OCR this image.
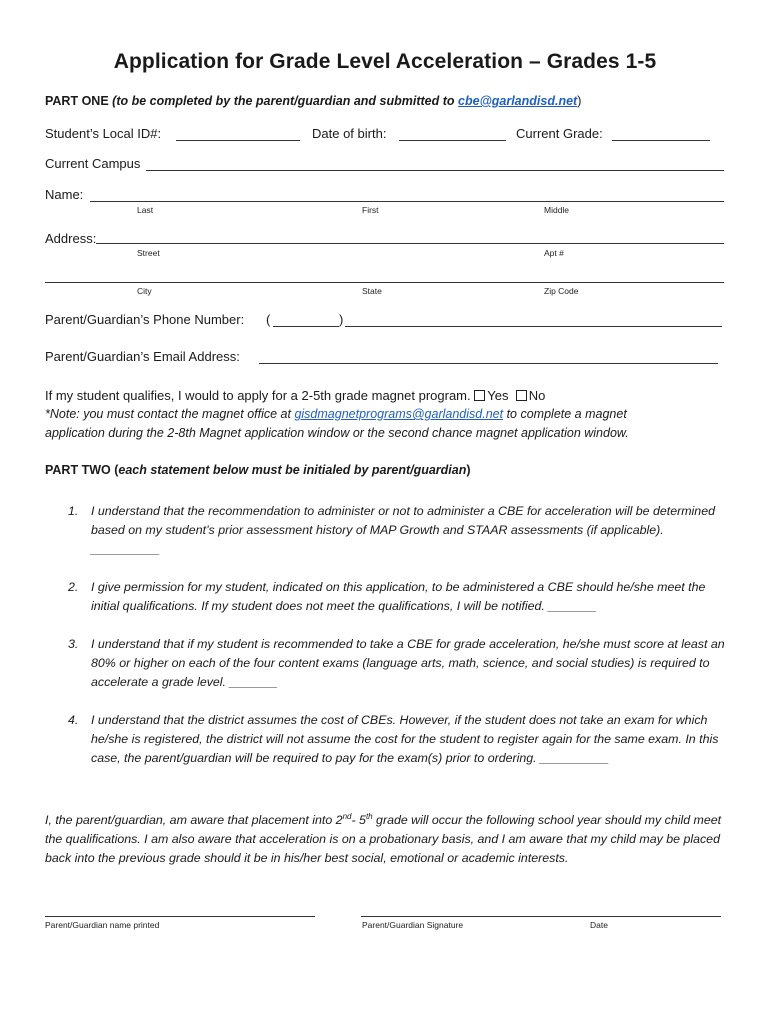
Application for Grade Level Acceleration – Grades 1-5
PART ONE (to be completed by the parent/guardian and submitted to cbe@garlandisd.net)
Student’s Local ID#:	Date of birth:	Current Grade:
Current Campus
Name:
Last	First	Middle
Address:
Street	Apt #
City	State	Zip Code
Parent/Guardian’s Phone Number: (	)
Parent/Guardian’s Email Address:
If my student qualifies, I would to apply for a 2-5th grade magnet program. Yes No
*Note: you must contact the magnet office at gisdmagnetprograms@garlandisd.net to complete a magnet
application during the 2-8th Magnet application window or the second chance magnet application window.
PART TWO (each statement below must be initialed by parent/guardian)
1.	I understand that the recommendation to administer or not to administer a CBE for acceleration will be determined based on my student’s prior assessment history of MAP Growth and STAAR assessments (if applicable). __________
2.	I give permission for my student, indicated on this application, to be administered a CBE should he/she meet the initial qualifications. If my student does not meet the qualifications, I will be notified. _______
3.	I understand that if my student is recommended to take a CBE for grade acceleration, he/she must score at least an 80% or higher on each of the four content exams (language arts, math, science, and social studies) is required to accelerate a grade level. _______
4.	I understand that the district assumes the cost of CBEs. However, if the student does not take an exam for which he/she is registered, the district will not assume the cost for the student to register again for the same exam. In this case, the parent/guardian will be required to pay for the exam(s) prior to ordering. __________
I, the parent/guardian, am aware that placement into 2nd- 5th grade will occur the following school year should my child meet the qualifications. I am also aware that acceleration is on a probationary basis, and I am aware that my child may be placed back into the previous grade should it be in his/her best social, emotional or academic interests.
Parent/Guardian name printed	Parent/Guardian Signature	Date
